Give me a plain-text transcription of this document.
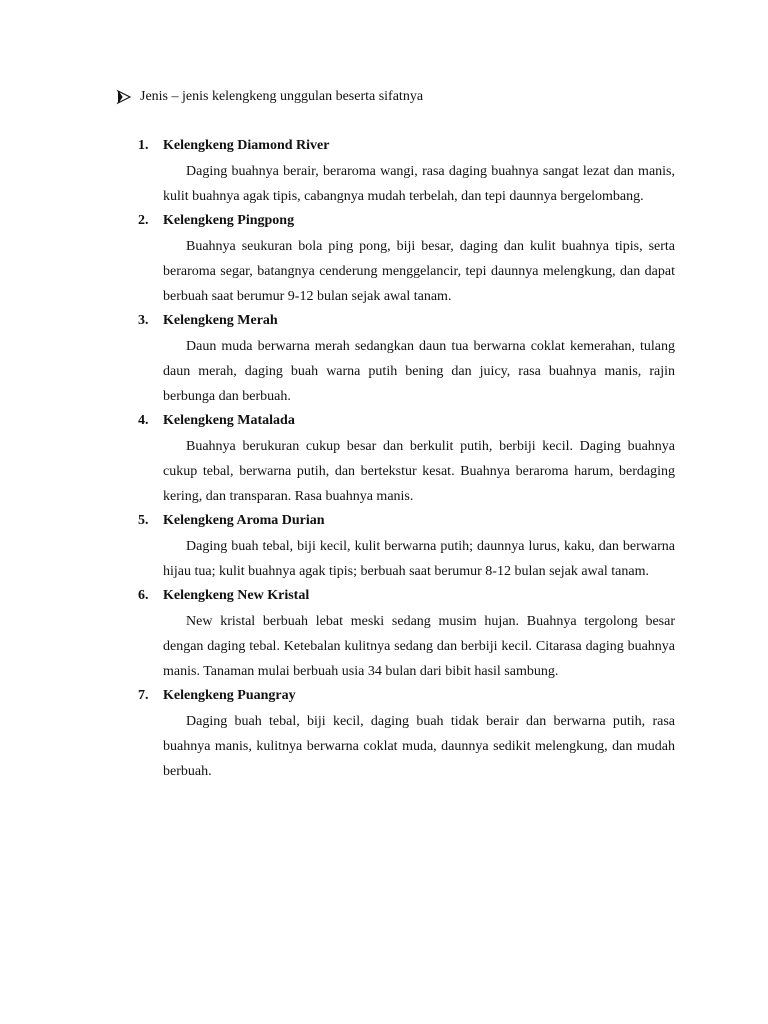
Jenis – jenis kelengkeng unggulan beserta sifatnya
1.	Kelengkeng Diamond River
Daging buahnya berair, beraroma wangi, rasa daging buahnya sangat lezat dan manis, kulit buahnya agak tipis, cabangnya mudah terbelah, dan tepi daunnya bergelombang.
2.	Kelengkeng Pingpong
Buahnya seukuran bola ping pong, biji besar, daging dan kulit buahnya tipis, serta beraroma segar, batangnya cenderung menggelancir, tepi daunnya melengkung, dan dapat berbuah saat berumur 9-12 bulan sejak awal tanam.
3.	Kelengkeng Merah
Daun muda berwarna merah sedangkan daun tua berwarna coklat kemerahan, tulang daun merah, daging buah warna putih bening dan juicy, rasa buahnya manis, rajin berbunga dan berbuah.
4.	Kelengkeng Matalada
Buahnya berukuran cukup besar dan berkulit putih, berbiji kecil. Daging buahnya cukup tebal, berwarna putih, dan bertekstur kesat. Buahnya beraroma harum, berdaging kering, dan transparan. Rasa buahnya manis.
5.	Kelengkeng Aroma Durian
Daging buah tebal, biji kecil, kulit berwarna putih; daunnya lurus, kaku, dan berwarna hijau tua; kulit buahnya agak tipis; berbuah saat berumur 8-12 bulan sejak awal tanam.
6.	Kelengkeng New Kristal
New kristal berbuah lebat meski sedang musim hujan. Buahnya tergolong besar dengan daging tebal. Ketebalan kulitnya sedang dan berbiji kecil. Citarasa daging buahnya manis. Tanaman mulai berbuah usia 34 bulan dari bibit hasil sambung.
7.	Kelengkeng Puangray
Daging buah tebal, biji kecil, daging buah tidak berair dan berwarna putih, rasa buahnya manis, kulitnya berwarna coklat muda, daunnya sedikit melengkung, dan mudah berbuah.
